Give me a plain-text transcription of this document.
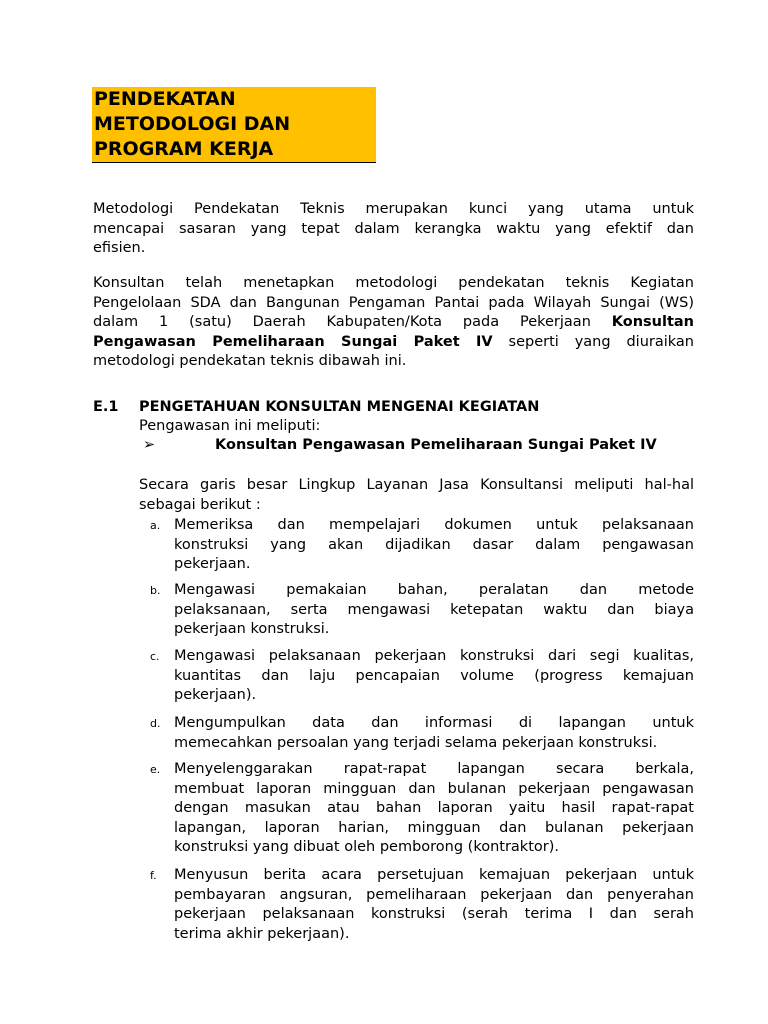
PENDEKATAN
METODOLOGI DAN
PROGRAM KERJA
Metodologi Pendekatan Teknis merupakan kunci yang utama untuk
mencapai sasaran yang tepat dalam kerangka waktu yang efektif dan
efisien.
Konsultan telah menetapkan metodologi pendekatan teknis Kegiatan
Pengelolaan SDA dan Bangunan Pengaman Pantai pada Wilayah Sungai (WS)
dalam 1 (satu) Daerah Kabupaten/Kota pada Pekerjaan Konsultan
Pengawasan Pemeliharaan Sungai Paket IV seperti yang diuraikan
metodologi pendekatan teknis dibawah ini.
E.1 PENGETAHUAN KONSULTAN MENGENAI KEGIATAN
Pengawasan ini meliputi:
➢	Konsultan Pengawasan Pemeliharaan Sungai Paket IV
Secara garis besar Lingkup Layanan Jasa Konsultansi meliputi hal-hal
sebagai berikut :
a. Memeriksa dan mempelajari dokumen untuk pelaksanaan
konstruksi yang akan dijadikan dasar dalam pengawasan
pekerjaan.
b. Mengawasi pemakaian bahan, peralatan dan metode
pelaksanaan, serta mengawasi ketepatan waktu dan biaya
pekerjaan konstruksi.
c. Mengawasi pelaksanaan pekerjaan konstruksi dari segi kualitas,
kuantitas dan laju pencapaian volume (progress kemajuan
pekerjaan).
d. Mengumpulkan data dan informasi di lapangan untuk
memecahkan persoalan yang terjadi selama pekerjaan konstruksi.
e. Menyelenggarakan rapat-rapat lapangan secara berkala,
membuat laporan mingguan dan bulanan pekerjaan pengawasan
dengan masukan atau bahan laporan yaitu hasil rapat-rapat
lapangan, laporan harian, mingguan dan bulanan pekerjaan
konstruksi yang dibuat oleh pemborong (kontraktor).
f. Menyusun berita acara persetujuan kemajuan pekerjaan untuk
pembayaran angsuran, pemeliharaan pekerjaan dan penyerahan
pekerjaan pelaksanaan konstruksi (serah terima I dan serah
terima akhir pekerjaan).
